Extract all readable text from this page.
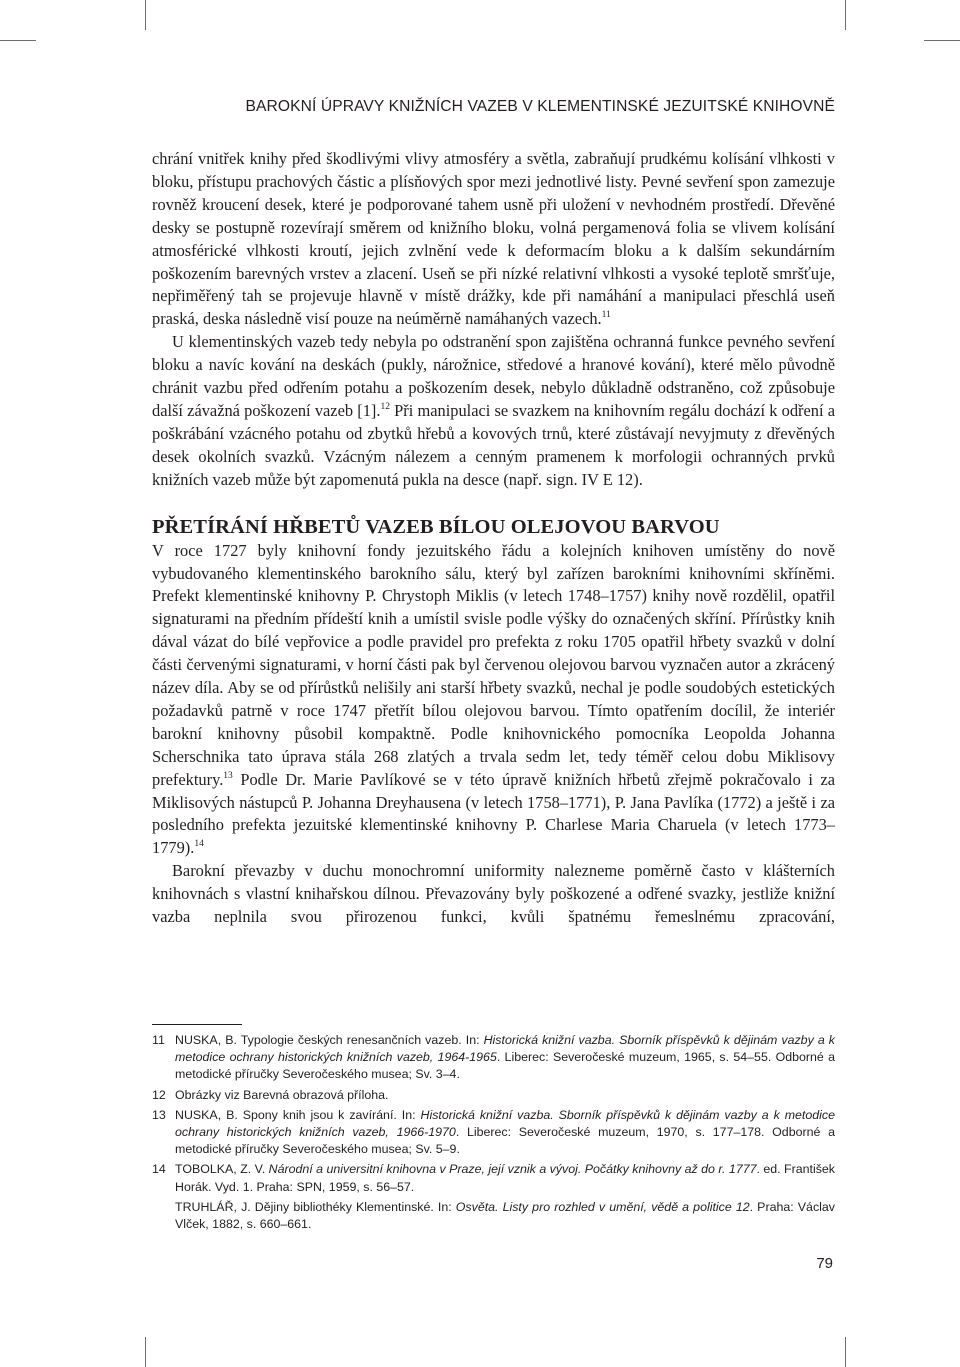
BAROKNÍ ÚPRAVY KNIŽNÍCH VAZEB V KLEMENTINSKÉ JEZUITSKÉ KNIHOVNĚ

chrání vnitřek knihy před škodlivými vlivy atmosféry a světla, zabraňují prudkému kolísání vlhkosti v bloku, přístupu prachových částic a plísňových spor mezi jednotlivé listy. Pevné sevření spon zamezuje rovněž kroucení desek, které je podporované tahem usně při uložení v nevhodném prostředí. Dřevěné desky se postupně rozevírají směrem od knižního bloku, volná pergamenová folia se vlivem kolísání atmosférické vlhkosti kroutí, jejich zvlnění vede k deformacím bloku a k dalším sekundárním poškozením barevných vrstev a zlacení. Useň se při nízké relativní vlhkosti a vysoké teplotě smršťuje, nepřiměřený tah se projevuje hlavně v místě drážky, kde při namáhání a manipulaci přeschlá useň praská, deska následně visí pouze na neúměrně namáhaných vazech.$^{11}$

U klementinských vazeb tedy nebyla po odstranění spon zajištěna ochranná funkce pevného sevření bloku a navíc kování na deskách (pukly, nárožnice, středové a hranové kování), které mělo původně chránit vazbu před odřením potahu a poškozením desek, nebylo důkladně odstraněno, což způsobuje další závažná poškození vazeb [1].$^{12}$ Při manipulaci se svazkem na knihovním regálu dochází k odření a poškrábání vzácného potahu od zbytků hřebů a kovových trnů, které zůstávají nevyjmuty z dřevěných desek okolních svazků. Vzácným nálezem a cenným pramenem k morfologii ochranných prvků knižních vazeb může být zapomenutá pukla na desce (např. sign. IV E 12).

PŘETÍRÁNÍ HŘBETŮ VAZEB BÍLOU OLEJOVOU BARVOU

V roce 1727 byly knihovní fondy jezuitského řádu a kolejních knihoven umístěny do nově vybudovaného klementinského barokního sálu, který byl zařízen barokními knihovními skříněmi. Prefekt klementinské knihovny P. Chrystoph Miklis (v letech 1748–1757) knihy nově rozdělil, opatřil signaturami na předním přídeští knih a umístil svisle podle výšky do označených skříní. Přírůstky knih dával vázat do bílé vepřovice a podle pravidel pro prefekta z roku 1705 opatřil hřbety svazků v dolní části červenými signaturami, v horní části pak byl červenou olejovou barvou vyznačen autor a zkrácený název díla. Aby se od přírůstků nelišily ani starší hřbety svazků, nechal je podle soudobých estetických požadavků patrně v roce 1747 přetřít bílou olejovou barvou. Tímto opatřením docílil, že interiér barokní knihovny působil kompaktně. Podle knihovnického pomocníka Leopolda Johanna Scherschnika tato úprava stála 268 zlatých a trvala sedm let, tedy téměř celou dobu Miklisovy prefektury.$^{13}$ Podle Dr. Marie Pavlíkové se v této úpravě knižních hřbetů zřejmě pokračovalo i za Miklisových nástupců P. Johanna Dreyhausena (v letech 1758–1771), P. Jana Pavlíka (1772) a ještě i za posledního prefekta jezuitské klementinské knihovny P. Charlese Maria Charuela (v letech 1773–1779).$^{14}$

Barokní převazby v duchu monochromní uniformity nalezneme poměrně často v klášterních knihovnách s vlastní knihařskou dílnou. Převazovány byly poškozené a odřené svazky, jestliže knižní vazba neplnila svou přirozenou funkci, kvůli špatnému řemeslnému zpracování,

11 NUSKA, B. Typologie českých renesančních vazeb. In: Historická knižní vazba. Sborník příspěvků k dějinám vazby a k metodice ochrany historických knižních vazeb, 1964-1965. Liberec: Severočeské muzeum, 1965, s. 54–55. Odborné a metodické příručky Severočeského musea; Sv. 3–4.
12 Obrázky viz Barevná obrazová příloha.
13 NUSKA, B. Spony knih jsou k zavírání. In: Historická knižní vazba. Sborník příspěvků k dějinám vazby a k metodice ochrany historických knižních vazeb, 1966-1970. Liberec: Severočeské muzeum, 1970, s. 177–178. Odborné a metodické příručky Severočeského musea; Sv. 5–9.
14 TOBOLKA, Z. V. Národní a universitní knihovna v Praze, její vznik a vývoj. Počátky knihovny až do r. 1777. ed. František Horák. Vyd. 1. Praha: SPN, 1959, s. 56–57.
TRUHLÁŘ, J. Dějiny bibliothéky Klementinské. In: Osvěta. Listy pro rozhled v umění, vědě a politice 12. Praha: Václav Vlček, 1882, s. 660–661.
79
